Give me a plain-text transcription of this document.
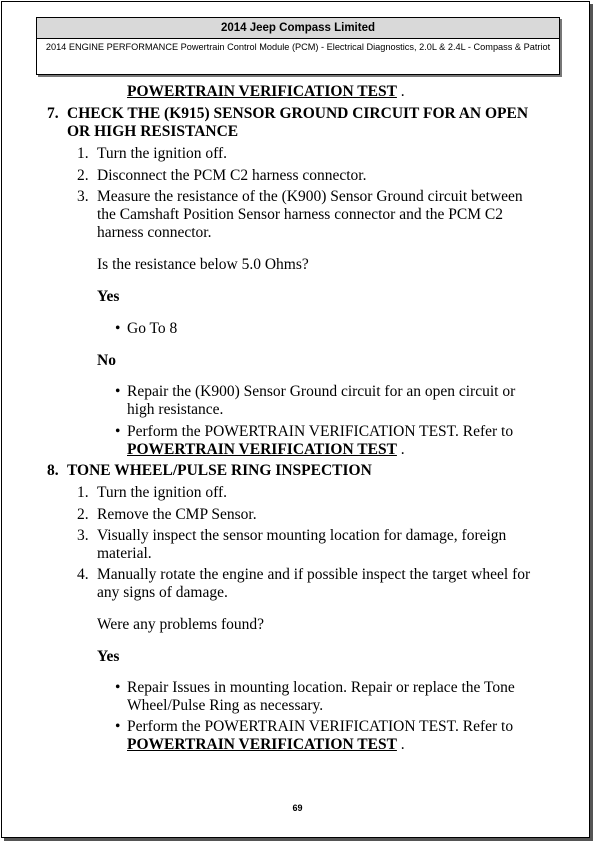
2014 Jeep Compass Limited
2014 ENGINE PERFORMANCE Powertrain Control Module (PCM) - Electrical Diagnostics, 2.0L & 2.4L - Compass & Patriot
POWERTRAIN VERIFICATION TEST .
7. CHECK THE (K915) SENSOR GROUND CIRCUIT FOR AN OPEN
OR HIGH RESISTANCE
1. Turn the ignition off.
2. Disconnect the PCM C2 harness connector.
3. Measure the resistance of the (K900) Sensor Ground circuit between
the Camshaft Position Sensor harness connector and the PCM C2
harness connector.
Is the resistance below 5.0 Ohms?
Yes
• Go To 8
No
• Repair the (K900) Sensor Ground circuit for an open circuit or
high resistance.
• Perform the POWERTRAIN VERIFICATION TEST. Refer to
POWERTRAIN VERIFICATION TEST .
8. TONE WHEEL/PULSE RING INSPECTION
1. Turn the ignition off.
2. Remove the CMP Sensor.
3. Visually inspect the sensor mounting location for damage, foreign
material.
4. Manually rotate the engine and if possible inspect the target wheel for
any signs of damage.
Were any problems found?
Yes
• Repair Issues in mounting location. Repair or replace the Tone
Wheel/Pulse Ring as necessary.
• Perform the POWERTRAIN VERIFICATION TEST. Refer to
POWERTRAIN VERIFICATION TEST .
69
